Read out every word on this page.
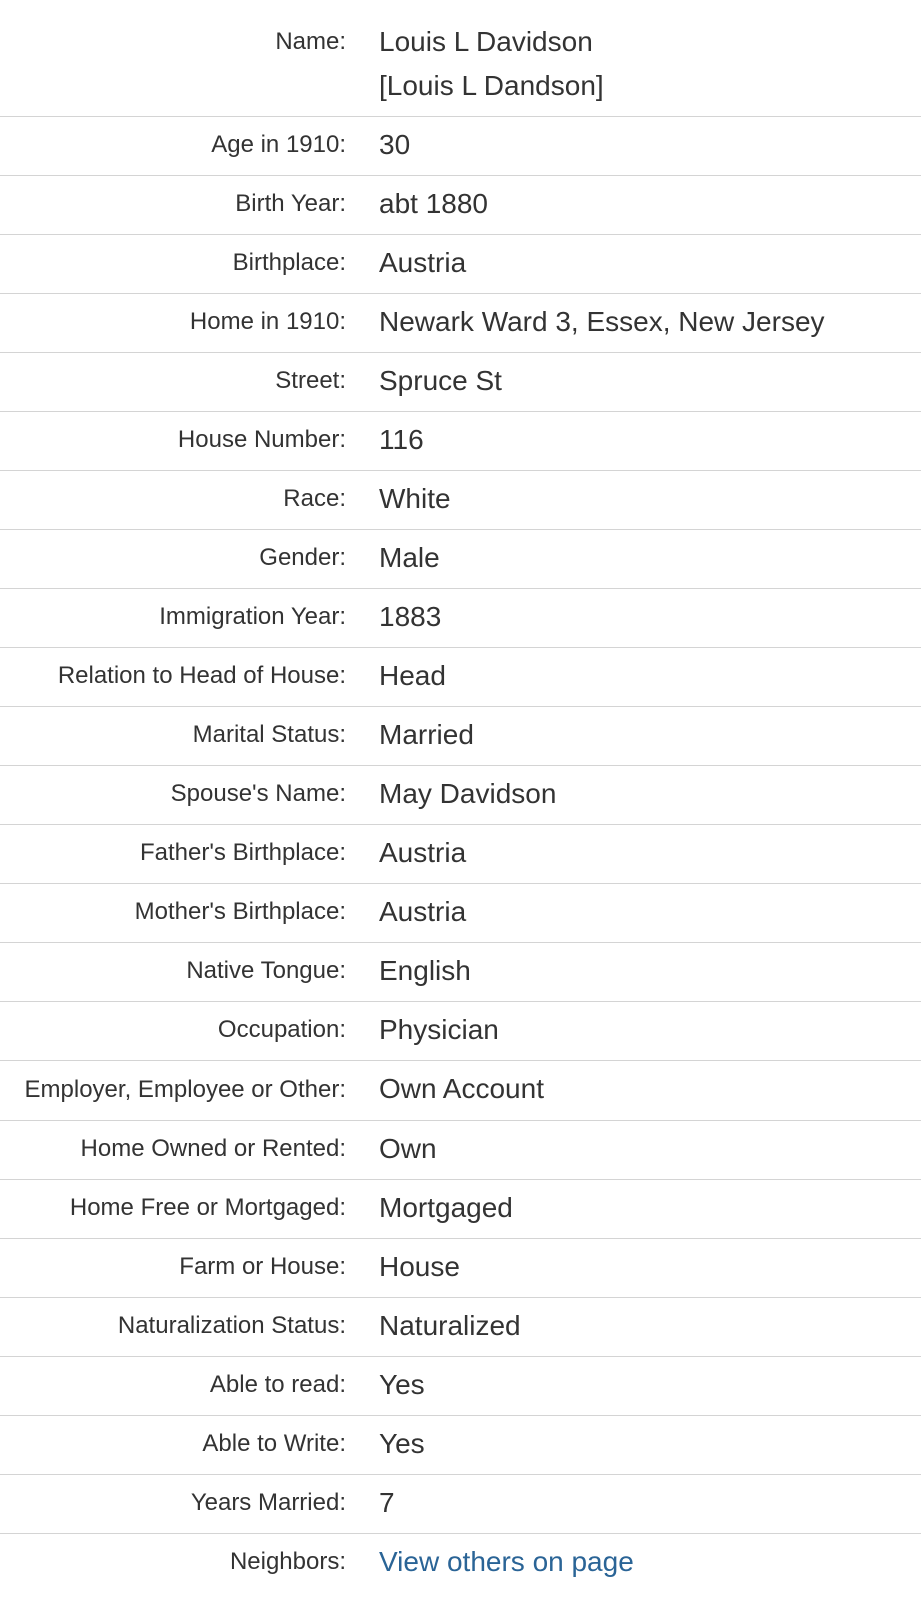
Name:	Louis L Davidson
[Louis L Dandson]

Age in 1910:	30
Birth Year:	abt 1880
Birthplace:	Austria
Home in 1910:	Newark Ward 3, Essex, New Jersey
Street:	Spruce St
House Number:	116
Race:	White
Gender:	Male
Immigration Year:	1883
Relation to Head of House:	Head
Marital Status:	Married
Spouse's Name:	May Davidson
Father's Birthplace:	Austria
Mother's Birthplace:	Austria
Native Tongue:	English
Occupation:	Physician
Employer, Employee or Other:	Own Account
Home Owned or Rented:	Own
Home Free or Mortgaged:	Mortgaged
Farm or House:	House
Naturalization Status:	Naturalized
Able to read:	Yes
Able to Write:	Yes
Years Married:	7
Neighbors:	View others on page
